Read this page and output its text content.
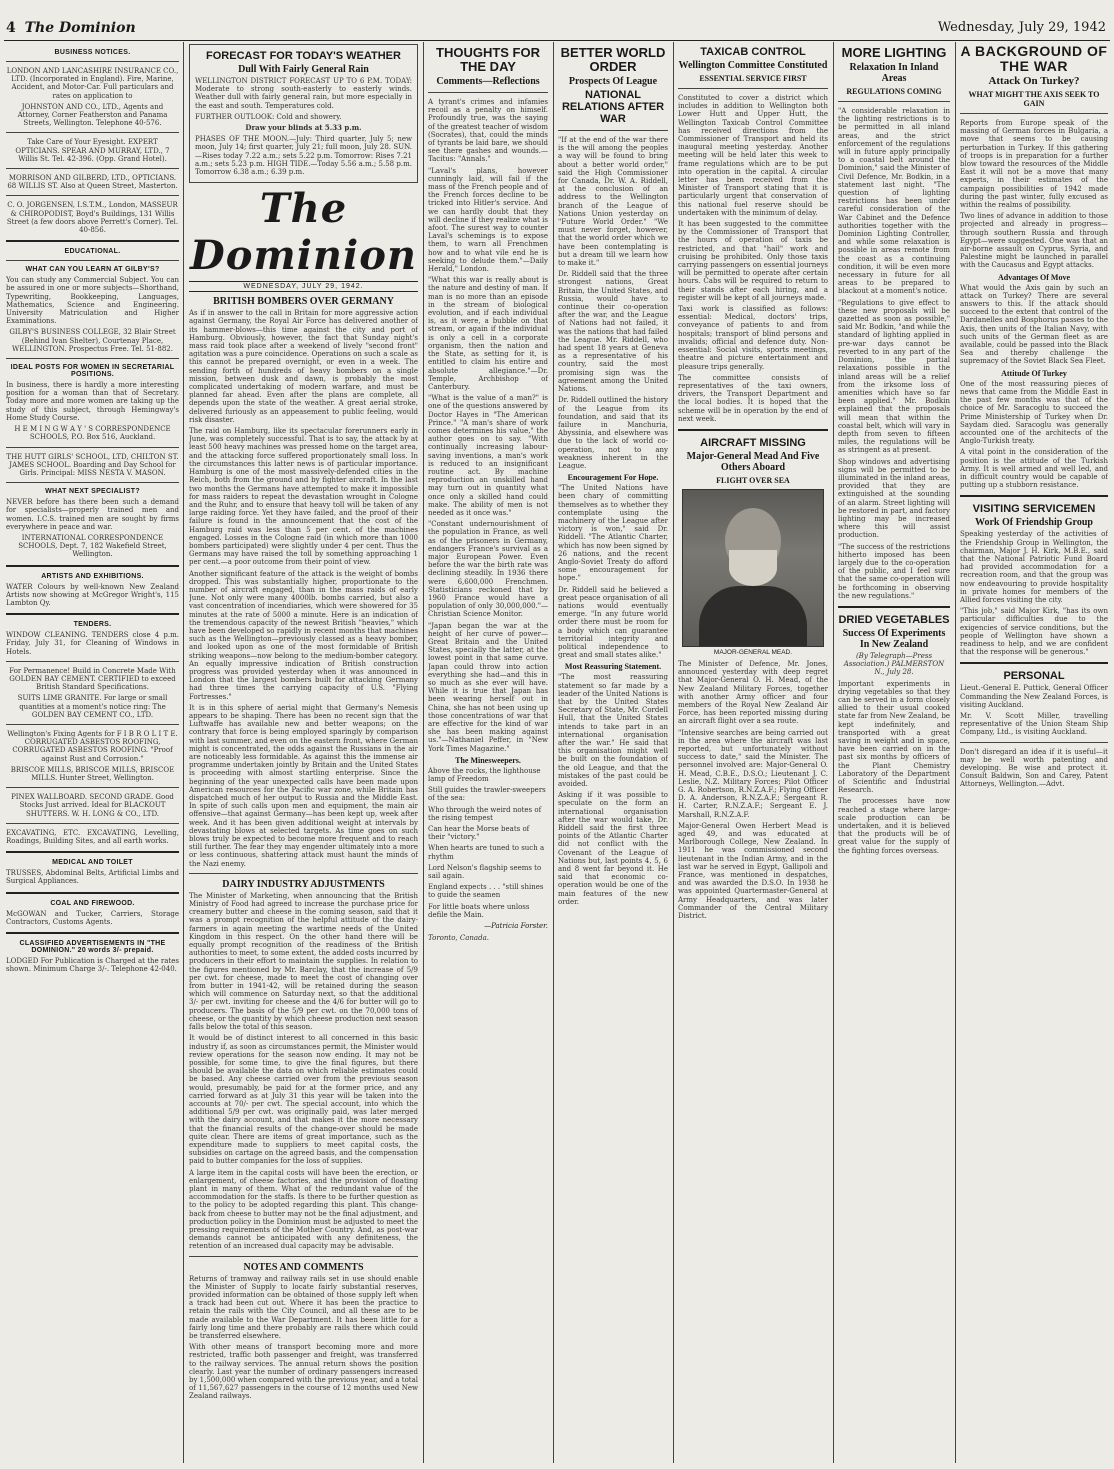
4 The Dominion	Wednesday, July 29, 1942
BUSINESS NOTICES.

LONDON AND LANCASHIRE INSURANCE CO., LTD. (Incorporated in England). Fire, Marine, Accident, and Motor-Car. Full particulars and rates on application to

JOHNSTON AND CO., LTD., Agents and Attorney, Corner Featherston and Panama Streets, Wellington. Telephone 40-576.

Take Care of Your Eyesight. EXPERT OPTICIANS. SPEAR AND MURRAY, LTD., 7 Willis St. Tel. 42-396. (Opp. Grand Hotel).

MORRISON AND GILBERD, LTD., OPTICIANS. 68 WILLIS ST. Also at Queen Street, Masterton.

C. O. JORGENSEN, I.S.T.M., London, MASSEUR & CHIROPODIST, Boyd's Buildings, 131 Willis Street (a few doors above Perrett's Corner). Tel. 40-856.

EDUCATIONAL.
WHAT CAN YOU LEARN AT GILBY'S?

You can study any Commercial Subject. You can be assured in one or more subjects—Shorthand, Typewriting, Bookkeeping, Languages, Mathematics, Science and Engineering. University Matriculation and Higher Examinations.

GILBY'S BUSINESS COLLEGE, 32 Blair Street (Behind Ivan Shelter), Courtenay Place, WELLINGTON. Prospectus Free. Tel. 51-882.

IDEAL POSTS FOR WOMEN IN SECRETARIAL POSITIONS.

In business, there is hardly a more interesting position for a woman than that of Secretary. Today more and more women are taking up the study of this subject, through Hemingway's Home Study Course.

H E M I N G W A Y ' S CORRESPONDENCE SCHOOLS, P.O. Box 516, Auckland.

THE HUTT GIRLS' SCHOOL, LTD, CHILTON ST. JAMES SCHOOL. Boarding and Day School for Girls. Principal: MISS NESTA V. MASON.

WHAT NEXT SPECIALIST?

NEVER before has there been such a demand for specialists—properly trained men and women. I.C.S. trained men are sought by firms everywhere in peace and war.

INTERNATIONAL CORRESPONDENCE SCHOOLS, Dept. 7, 182 Wakefield Street, Wellington.

ARTISTS AND EXHIBITIONS.

WATER Colours by well-known New Zealand Artists now showing at McGregor Wright's, 115 Lambton Qy.

TENDERS.

WINDOW CLEANING. TENDERS close 4 p.m. Friday, July 31, for Cleaning of Windows in Hotels.

For Permanence! Build in Concrete Made With GOLDEN BAY CEMENT. CERTIFIED to exceed British Standard Specifications.

SUITS LIME GRANITE. For large or small quantities at a moment's notice ring: The GOLDEN BAY CEMENT CO., LTD.

Wellington's Fixing Agents for F I B R O L I T E. CORRUGATED ASBESTOS ROOFING, CORRUGATED ASBESTOS ROOFING. "Proof against Rust and Corrosion."

BRISCOE MILLS, BRISCOE MILLS, BRISCOE MILLS. Hunter Street, Wellington.

PINEX WALLBOARD. SECOND GRADE. Good Stocks Just arrived. Ideal for BLACKOUT SHUTTERS. W. H. LONG & CO., LTD.

EXCAVATING, ETC. EXCAVATING, Levelling, Roadings, Building Sites, and all earth works.

MEDICAL AND TOILET

TRUSSES, Abdominal Belts, Artificial Limbs and Surgical Appliances.

COAL AND FIREWOOD.

McGOWAN and Tucker, Carriers, Storage Contractors, Customs Agents.

CLASSIFIED ADVERTISEMENTS IN "THE DOMINION." 20 words 3/- prepaid.

LODGED For Publication is Charged at the rates shown. Minimum Charge 3/-. Telephone 42-040.

FORECAST FOR TODAY'S WEATHER
Dull With Fairly General Rain

WELLINGTON DISTRICT FORECAST UP TO 6 P.M. TODAY: Moderate to strong south-easterly to easterly winds. Weather dull with fairly general rain, but more especially in the east and south. Temperatures cold.

FURTHER OUTLOOK: Cold and showery.

Draw your blinds at 5.33 p.m.

PHASES OF THE MOON.—July: Third quarter, July 5; new moon, July 14; first quarter, July 21; full moon, July 28. SUN.—Rises today 7.22 a.m.; sets 5.22 p.m. Tomorrow: Rises 7.21 a.m.; sets 5.23 p.m. HIGH TIDE.—Today 5.56 a.m.; 5.58 p.m. Tomorrow 6.38 a.m.; 6.39 p.m.

The Dominion
WEDNESDAY, JULY 29, 1942.
BRITISH BOMBERS OVER GERMANY

As if in answer to the call in Britain for more aggressive action against Germany, the Royal Air Force has delivered another of its hammer-blows—this time against the city and port of Hamburg. Obviously, however, the fact that Sunday night's mass raid took place after a weekend of lively "second front" agitation was a pure coincidence. Operations on such a scale as this cannot be prepared overnight, or even in a week. The sending forth of hundreds of heavy bombers on a single mission, between dusk and dawn, is probably the most complicated undertaking of modern warfare, and must be planned far ahead. Even after the plans are complete, all depends upon the state of the weather. A great aerial stroke, delivered furiously as an appeasement to public feeling, would risk disaster.

The raid on Hamburg, like its spectacular forerunners early in June, was completely successful. That is to say, the attack by at least 500 heavy machines was pressed home on the target area, and the attacking force suffered proportionately small loss. In the circumstances this latter news is of particular importance. Hamburg is one of the most massively-defended cities in the Reich, both from the ground and by fighter aircraft. In the last two months the Germans have attempted to make it impossible for mass raiders to repeat the devastation wrought in Cologne and the Ruhr, and to ensure that heavy toll will be taken of any large raiding force. Yet they have failed, and the proof of their failure is found in the announcement that the cost of the Hamburg raid was less than 5 per cent. of the machines engaged. Losses in the Cologne raid (in which more than 1000 bombers participated) were slightly under 4 per cent. Thus the Germans may have raised the toll by something approaching 1 per cent.—a poor outcome from their point of view.

Another significant feature of the attack is the weight of bombs dropped. This was substantially higher, proportionate to the number of aircraft engaged, than in the mass raids of early June. Not only were many 4000lb. bombs carried, but also a vast concentration of incendiaries, which were showered for 35 minutes at the rate of 5000 a minute. Here is an indication of the tremendous capacity of the newest British "heavies," which have been developed so rapidly in recent months that machines such as the Wellington—previously classed as a heavy bomber, and looked upon as one of the most formidable of British striking weapons—now belong to the medium-bomber category. An equally impressive indication of British construction progress was provided yesterday when it was announced in London that the largest bombers built for attacking Germany had three times the carrying capacity of U.S. "Flying Fortresses."

It is in this sphere of aerial might that Germany's Nemesis appears to be shaping. There has been no recent sign that the Luftwaffe has available new and better weapons; on the contrary that force is being employed sparingly by comparison with last summer, and even on the eastern front, where German might is concentrated, the odds against the Russians in the air are noticeably less formidable. As against this the immense air programme undertaken jointly by Britain and the United States is proceeding with almost startling enterprise. Since the beginning of the year unexpected calls have been made upon American resources for the Pacific war zone, while Britain has dispatched much of her output to Russia and the Middle East. In spite of such calls upon men and equipment, the main air offensive—that against Germany—has been kept up, week after week. And it has been given additional weight at intervals by devastating blows at selected targets. As time goes on such blows truly be expected to become more frequent and to reach still further. The fear they may engender ultimately into a more or less continuous, shattering attack must haunt the minds of the Nazi enemy.

DAIRY INDUSTRY ADJUSTMENTS

The Minister of Marketing, when announcing that the British Ministry of Food had agreed to increase the purchase price for creamery butter and cheese in the coming season, said that it was a prompt recognition of the helpful attitude of the dairy-farmers in again meeting the wartime needs of the United Kingdom in this respect. On the other hand there will be equally prompt recognition of the readiness of the British authorities to meet, to some extent, the added costs incurred by producers in their effort to maintain the supplies. In relation to the figures mentioned by Mr. Barclay, that the increase of 5/9 per cwt. for cheese, made to meet the cost of changing over from butter in 1941-42, will be retained during the season which will commence on Saturday next, so that the additional 3/- per cwt. inviting for cheese and the 4/6 for butter will go to producers. The basis of the 5/9 per cwt. on the 70,000 tons of cheese, or the quantity by which cheese production next season falls below the total of this season.

It would be of distinct interest to all concerned in this basic industry if, as soon as circumstances permit, the Minister would review operations for the season now ending. It may not be possible, for some time, to give the final figures, but there should be available the data on which reliable estimates could be based. Any cheese carried over from the previous season would, presumably, be paid for at the former price, and any carried forward as at July 31 this year will be taken into the accounts at 70/- per cwt. The special account, into which the additional 5/9 per cwt. was originally paid, was later merged with the dairy account, and that makes it the more necessary that the financial results of the change-over should be made quite clear. There are items of great importance, such as the expenditure made to suppliers to meet capital costs, the subsidies on cartage on the agreed basis, and the compensation paid to butter companies for the loss of supplies.

A large item in the capital costs will have been the erection, or enlargement, of cheese factories, and the provision of floating plant in many of them. What of the redundant value of the accommodation for the staffs. Is there to be further question as to the policy to be adopted regarding this plant. This change-back from cheese to butter may not be the final adjustment, and production policy in the Dominion must be adjusted to meet the pressing requirements of the Mother Country. And, as post-war demands cannot be anticipated with any definiteness, the retention of an increased dual capacity may be advisable.

NOTES AND COMMENTS

Returns of tramway and railway rails set in use should enable the Minister of Supply to locate fairly substantial reserves, provided information can be obtained of those supply left when a track had been cut out. Where it has been the practice to retain the rails with the City Council, and all these are to be made available to the War Department. It has been little for a fairly long time and there probably are rails there which could be transferred elsewhere.

With other means of transport becoming more and more restricted, traffic both passenger and freight, was transferred to the railway services. The annual return shows the position clearly. Last year the number of ordinary passengers increased by 1,500,000 when compared with the previous year, and a total of 11,567,627 passengers in the course of 12 months used New Zealand railways.

THOUGHTS FOR THE DAY
Comments—Reflections

A tyrant's crimes and infamies recoil as a penalty on himself. Profoundly true, was the saying of the greatest teacher of wisdom (Socrates), that, could the minds of tyrants be laid bare, we should see there gashes and wounds.—Tacitus: "Annals."

"Laval's plans, however cunningly laid, will fail if the mass of the French people and of the French forces decline to be tricked into Hitler's service. And we can hardly doubt that they will decline if they realize what is afoot. The surest way to counter Laval's schemings is to expose them, to warn all Frenchmen how and to what vile end he is seeking to delude them."—Daily Herald," London.

"What this war is really about is the nature and destiny of man. If man is no more than an episode in the stream of biological evolution, and if each individual is, as it were, a bubble on that stream, or again if the individual is only a cell in a corporate organism, then the nation and the State, as setting for it, is entitled to claim his entire and absolute allegiance."—Dr. Temple, Archbishop of Canterbury.

"What is the value of a man?" is one of the questions answered by Doctor Hayes in "The American Prince." "A man's share of work comes determines his value," the author goes on to say. "With continually increasing labour-saving inventions, a man's work is reduced to an insignificant routine act. By machine reproduction an unskilled hand may turn out in quantity what once only a skilled hand could make. The ability of men is not needed as it once was."

"Constant undernourishment of the population in France, as well as of the prisoners in Germany, endangers France's survival as a major European Power. Even before the war the birth rate was declining steadily. In 1936 there were 6,600,000 Frenchmen. Statisticians reckoned that by 1960 France would have a population of only 30,000,000."—Christian Science Monitor.

"Japan began the war at the height of her curve of power—Great Britain and the United States, specially the latter, at the lowest point in that same curve. Japan could throw into action everything she had—and this in so much as she ever will have. While it is true that Japan has been wearing herself out in China, she has not been using up those concentrations of war that are effective for the kind of war she has been making against us."—Nathaniel Peffer, in "New York Times Magazine."

The Minesweepers.

Above the rocks, the lighthouse lamp of Freedom

Still guides the trawler-sweepers of the sea:

Who through the weird notes of the rising tempest

Can hear the Morse beats of their "victory."

When hearts are tuned to such a rhythm

Lord Nelson's flagship seems to sail again.

England expects . . . "still shines to guide the seamen

For little boats where unloss defile the Main.

—Patricia Forster.
Toronto, Canada.
BETTER WORLD ORDER
Prospects Of League
NATIONAL RELATIONS AFTER WAR

"If at the end of the war there is the will among the peoples a way will be found to bring about a better world order," said the High Commissioner for Canada, Dr. W. A. Riddell, at the conclusion of an address to the Wellington branch of the League of Nations Union yesterday on "Future World Order." "We must never forget, however, that the world order which we have been contemplating is but a dream till we learn how to make it."

Dr. Riddell said that the three strongest nations, Great Britain, the United States, and Russia, would have to continue their co-operation after the war, and the League of Nations had not failed, it was the nations that had failed the League. Mr. Riddell, who had spent 18 years at Geneva as a representative of his country, said the most promising sign was the agreement among the United Nations.

Dr. Riddell outlined the history of the League from its foundation, and said that its failure in Manchuria, Abyssinia, and elsewhere was due to the lack of world co-operation, not to any weakness inherent in the League.

Encouragement For Hope.

"The United Nations have been chary of committing themselves as to whether they contemplate using the machinery of the League after victory is won," said Dr. Riddell. "The Atlantic Charter, which has now been signed by 26 nations, and the recent Anglo-Soviet Treaty do afford some encouragement for hope."

Dr. Riddell said he believed a great peace organisation of all nations would eventually emerge. "In any future world order there must be room for a body which can guarantee territorial integrity and political independence to great and small states alike."

Most Reassuring Statement.

"The most reassuring statement so far made by a leader of the United Nations is that by the United States Secretary of State, Mr. Cordell Hull, that the United States intends to take part in an international organisation after the war." He said that this organisation might well be built on the foundation of the old League, and that the mistakes of the past could be avoided.

Asking if it was possible to speculate on the form an international organisation after the war would take, Dr. Riddell said the first three points of the Atlantic Charter did not conflict with the Covenant of the League of Nations but, last points 4, 5, 6 and 8 went far beyond it. He said that economic co-operation would be one of the main features of the new order.

TAXICAB CONTROL
Wellington Committee Constituted
ESSENTIAL SERVICE FIRST

Constituted to cover a district which includes in addition to Wellington both Lower Hutt and Upper Hutt, the Wellington Taxicab Control Committee has received directions from the Commissioner of Transport and held its inaugural meeting yesterday. Another meeting will be held later this week to frame regulations which are to be put into operation in the capital. A circular letter has been received from the Minister of Transport stating that it is particularly urgent that conservation of this national fuel reserve should be undertaken with the minimum of delay.

It has been suggested to the committee by the Commissioner of Transport that the hours of operation of taxis be restricted, and that "hail" work and cruising be prohibited. Only those taxis carrying passengers on essential journeys will be permitted to operate after certain hours. Cabs will be required to return to their stands after each hiring, and a register will be kept of all journeys made.

Taxi work is classified as follows: essential: Medical, doctors' trips, conveyance of patients to and from hospitals; transport of blind persons and invalids; official and defence duty. Non-essential: Social visits, sports meetings, theatre and picture entertainment and pleasure trips generally.

The committee consists of representatives of the taxi owners, drivers, the Transport Department and the local bodies. It is hoped that the scheme will be in operation by the end of next week.

AIRCRAFT MISSING
Major-General Mead And Five Others Aboard
FLIGHT OVER SEA
MAJOR-GENERAL MEAD.

The Minister of Defence, Mr. Jones, announced yesterday with deep regret that Major-General O. H. Mead, of the New Zealand Military Forces, together with another Army officer and four members of the Royal New Zealand Air Force, has been reported missing during an aircraft flight over a sea route.

"Intensive searches are being carried out in the area where the aircraft was last reported, but unfortunately without success to date," said the Minister. The personnel involved are: Major-General O. H. Mead, C.B.E., D.S.O.; Lieutenant J. C. Leslie, N.Z. Military Forces; Pilot Officer G. A. Robertson, R.N.Z.A.F.; Flying Officer D. A. Anderson, R.N.Z.A.F.; Sergeant R. H. Carter, R.N.Z.A.F.; Sergeant E. J. Marshall, R.N.Z.A.F.

Major-General Owen Herbert Mead is aged 49, and was educated at Marlborough College, New Zealand. In 1911 he was commissioned second lieutenant in the Indian Army, and in the last war he served in Egypt, Gallipoli and France, was mentioned in despatches, and was awarded the D.S.O. In 1938 he was appointed Quartermaster-General at Army Headquarters, and was later Commander of the Central Military District.

MORE LIGHTING
Relaxation In Inland Areas
REGULATIONS COMING

"A considerable relaxation in the lighting restrictions is to be permitted in all inland areas, and the strict enforcement of the regulations will in future apply principally to a coastal belt around the Dominion," said the Minister of Civil Defence, Mr. Bodkin, in a statement last night. "The question of lighting restrictions has been under careful consideration of the War Cabinet and the Defence authorities together with the Dominion Lighting Controller, and while some relaxation is possible in areas remote from the coast as a continuing condition, it will be even more necessary in future for all areas to be prepared to blackout at a moment's notice.

"Regulations to give effect to these new proposals will be gazetted as soon as possible," said Mr. Bodkin, "and while the standard of lighting applied in pre-war days cannot be reverted to in any part of the Dominion, the partial relaxations possible in the inland areas will be a relief from the irksome loss of amenities which have so far been applied." Mr. Bodkin explained that the proposals will mean that within the coastal belt, which will vary in depth from seven to fifteen miles, the regulations will be as stringent as at present.

Shop windows and advertising signs will be permitted to be illuminated in the inland areas, provided that they are extinguished at the sounding of an alarm. Street lighting will be restored in part, and factory lighting may be increased where this will assist production.

"The success of the restrictions hitherto imposed has been largely due to the co-operation of the public, and I feel sure that the same co-operation will be forthcoming in observing the new regulations."

DRIED VEGETABLES
Success Of Experiments In New Zealand

(By Telegraph—Press Association.) PALMERSTON N., July 28.

Important experiments in drying vegetables so that they can be served in a form closely allied to their usual cooked state far from New Zealand, be kept indefinitely, and transported with a great saving in weight and in space, have been carried on in the past six months by officers of the Plant Chemistry Laboratory of the Department of Scientific and Industrial Research.

The processes have now reached a stage where large-scale production can be undertaken, and it is believed that the products will be of great value for the supply of the fighting forces overseas.

A BACKGROUND OF THE WAR
Attack On Turkey?
WHAT MIGHT THE AXIS SEEK TO GAIN

Reports from Europe speak of the massing of German forces in Bulgaria, a move that seems to be causing perturbation in Turkey. If this gathering of troops is in preparation for a further blow toward the resources of the Middle East it will not be a move that many experts, in their estimates of the campaign possibilities of 1942 made during the past winter, fully excused as within the realms of possibility.

Two lines of advance in addition to those projected and already in progress—through southern Russia and through Egypt—were suggested. One was that an air-borne assault on Cyprus, Syria, and Palestine might be launched in parallel with the Caucasus and Egypt attacks.

Advantages Of Move

What would the Axis gain by such an attack on Turkey? There are several answers to this. If the attack should succeed to the extent that control of the Dardanelles and Bosphorus passes to the Axis, then units of the Italian Navy, with such units of the German fleet as are available, could be passed into the Black Sea and thereby challenge the supremacy of the Soviet Black Sea Fleet.

Attitude Of Turkey

One of the most reassuring pieces of news that came from the Middle East in the past few months was that of the choice of Mr. Saracoglu to succeed the Prime Ministership of Turkey when Dr. Saydam died. Saracoglu was generally accounted one of the architects of the Anglo-Turkish treaty.

A vital point in the consideration of the position is the attitude of the Turkish Army. It is well armed and well led, and in difficult country would be capable of putting up a stubborn resistance.

VISITING SERVICEMEN
Work Of Friendship Group

Speaking yesterday of the activities of the Friendship Group in Wellington, the chairman, Major J. H. Kirk, M.B.E., said that the National Patriotic Fund Board had provided accommodation for a recreation room, and that the group was now endeavouring to provide hospitality in private homes for members of the Allied forces visiting the city.

"This job," said Major Kirk, "has its own particular difficulties due to the exigencies of service conditions, but the people of Wellington have shown a readiness to help, and we are confident that the response will be generous."

PERSONAL

Lieut.-General E. Puttick, General Officer Commanding the New Zealand Forces, is visiting Auckland.

Mr. V. Scott Miller, travelling representative of the Union Steam Ship Company, Ltd., is visiting Auckland.

Don't disregard an idea if it is useful—it may be well worth patenting and developing. Be wise and protect it. Consult Baldwin, Son and Carey, Patent Attorneys, Wellington.—Advt.
